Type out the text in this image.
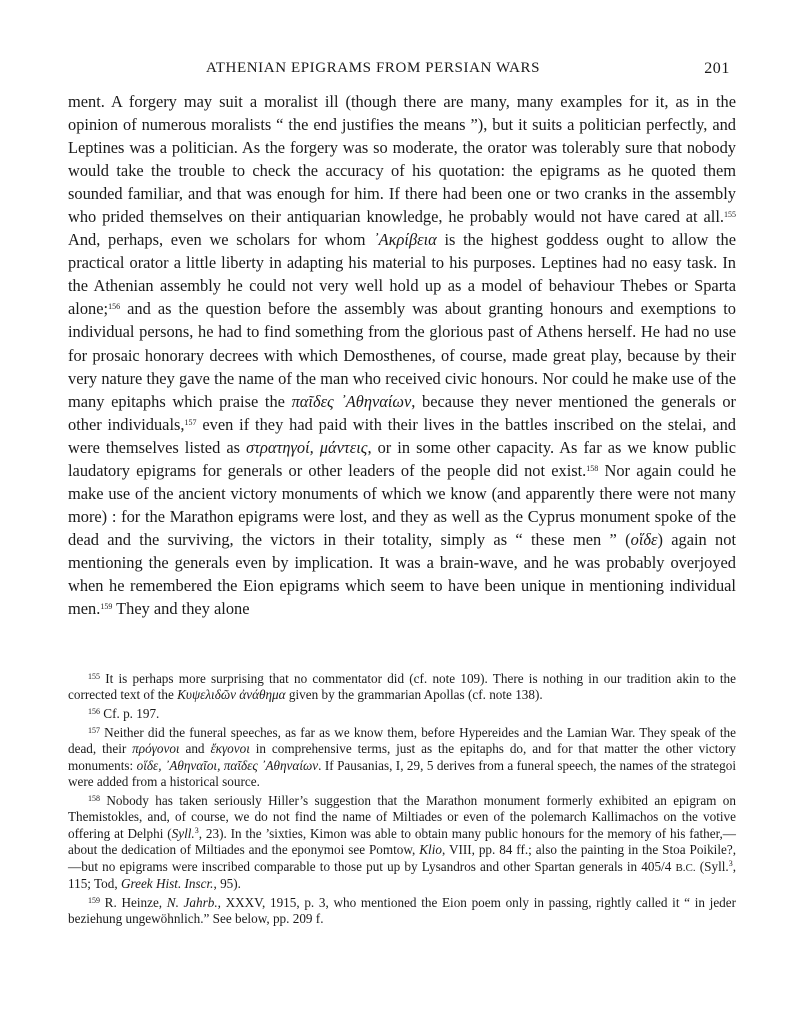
ATHENIAN EPIGRAMS FROM PERSIAN WARS	201

ment. A forgery may suit a moralist ill (though there are many, many examples for it, as in the opinion of numerous moralists “ the end justifies the means ”), but it suits a politician perfectly, and Leptines was a politician. As the forgery was so moderate, the orator was tolerably sure that nobody would take the trouble to check the accuracy of his quotation: the epigrams as he quoted them sounded familiar, and that was enough for him. If there had been one or two cranks in the assembly who prided themselves on their antiquarian knowledge, he probably would not have cared at all.$^{155}$ And, perhaps, even we scholars for whom ᾽Aκρίβεια is the highest goddess ought to allow the practical orator a little liberty in adapting his material to his purposes. Leptines had no easy task. In the Athenian assembly he could not very well hold up as a model of behaviour Thebes or Sparta alone;$^{156}$ and as the question before the assembly was about granting honours and exemptions to individual persons, he had to find something from the glorious past of Athens herself. He had no use for prosaic honorary decrees with which Demosthenes, of course, made great play, because by their very nature they gave the name of the man who received civic honours. Nor could he make use of the many epitaphs which praise the παῖδες ᾽Aθηναίων, because they never mentioned the generals or other individuals,$^{157}$ even if they had paid with their lives in the battles inscribed on the stelai, and were themselves listed as στρατηγοί, μάντεις, or in some other capacity. As far as we know public laudatory epigrams for generals or other leaders of the people did not exist.$^{158}$ Nor again could he make use of the ancient victory monuments of which we know (and apparently there were not many more) : for the Marathon epigrams were lost, and they as well as the Cyprus monument spoke of the dead and the surviving, the victors in their totality, simply as “ these men ” (οἵδε) again not mentioning the generals even by implication. It was a brain-wave, and he was probably overjoyed when he remembered the Eion epigrams which seem to have been unique in mentioning individual men.$^{159}$ They and they alone

$^{155}$ It is perhaps more surprising that no commentator did (cf. note 109). There is nothing in our tradition akin to the corrected text of the Κυψελιδῶν ἀνάθημα given by the grammarian Apollas (cf. note 138).

$^{156}$ Cf. p. 197.

$^{157}$ Neither did the funeral speeches, as far as we know them, before Hypereides and the Lamian War. They speak of the dead, their πρόγονοι and ἔκγονοι in comprehensive terms, just as the epitaphs do, and for that matter the other victory monuments: οἵδε, ᾽Aθηναῖοι, παῖδες ᾽Aθηναίων. If Pausanias, I, 29, 5 derives from a funeral speech, the names of the strategoi were added from a historical source.

$^{158}$ Nobody has taken seriously Hiller’s suggestion that the Marathon monument formerly exhibited an epigram on Themistokles, and, of course, we do not find the name of Miltiades or even of the polemarch Kallimachos on the votive offering at Delphi (Syll.$^3$, 23). In the ’sixties, Kimon was able to obtain many public honours for the memory of his father,—about the dedication of Miltiades and the eponymoi see Pomtow, Klio, VIII, pp. 84 ff.; also the painting in the Stoa Poikile?,—but no epigrams were inscribed comparable to those put up by Lysandros and other Spartan generals in 405/4 B.C. (Syll.$^3$, 115; Tod, Greek Hist. Inscr., 95).

$^{159}$ R. Heinze, N. Jahrb., XXXV, 1915, p. 3, who mentioned the Eion poem only in passing, rightly called it “ in jeder beziehung ungewöhnlich.” See below, pp. 209 f.
